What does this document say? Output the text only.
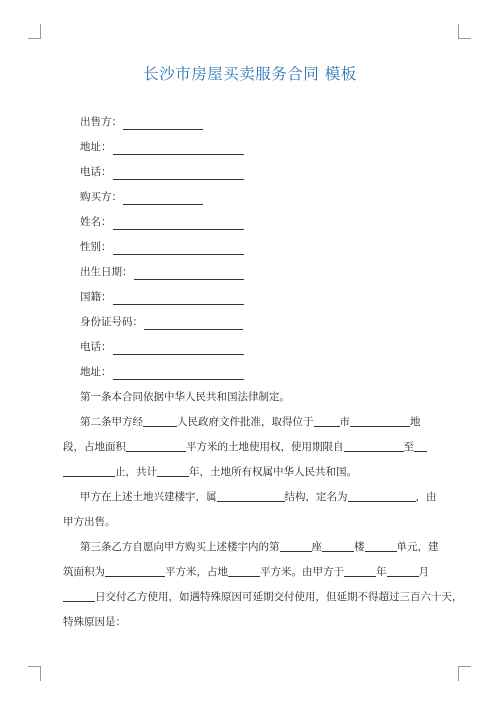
长沙市房屋买卖服务合同 模板
出售方：
地址：
电话：
购买方：
姓名：
性别：
出生日期：
国籍：
身份证号码：
电话：
地址：
第一条本合同依据中华人民共和国法律制定。
第二条甲方经	人民政府文件批准，取得位于 市	地
段，占地面积	平方米的土地使用权，使用期限自	至
止，共计	年，土地所有权属中华人民共和国。
甲方在上述土地兴建楼宇，属	结构，定名为	，由
甲方出售。
第三条乙方自愿向甲方购买上述楼宇内的第	座	楼	单元，建
筑面积为	平方米，占地	平方米。由甲方于	年	月
日交付乙方使用，如遇特殊原因可延期交付使用，但延期不得超过三百六十天，
特殊原因是：
